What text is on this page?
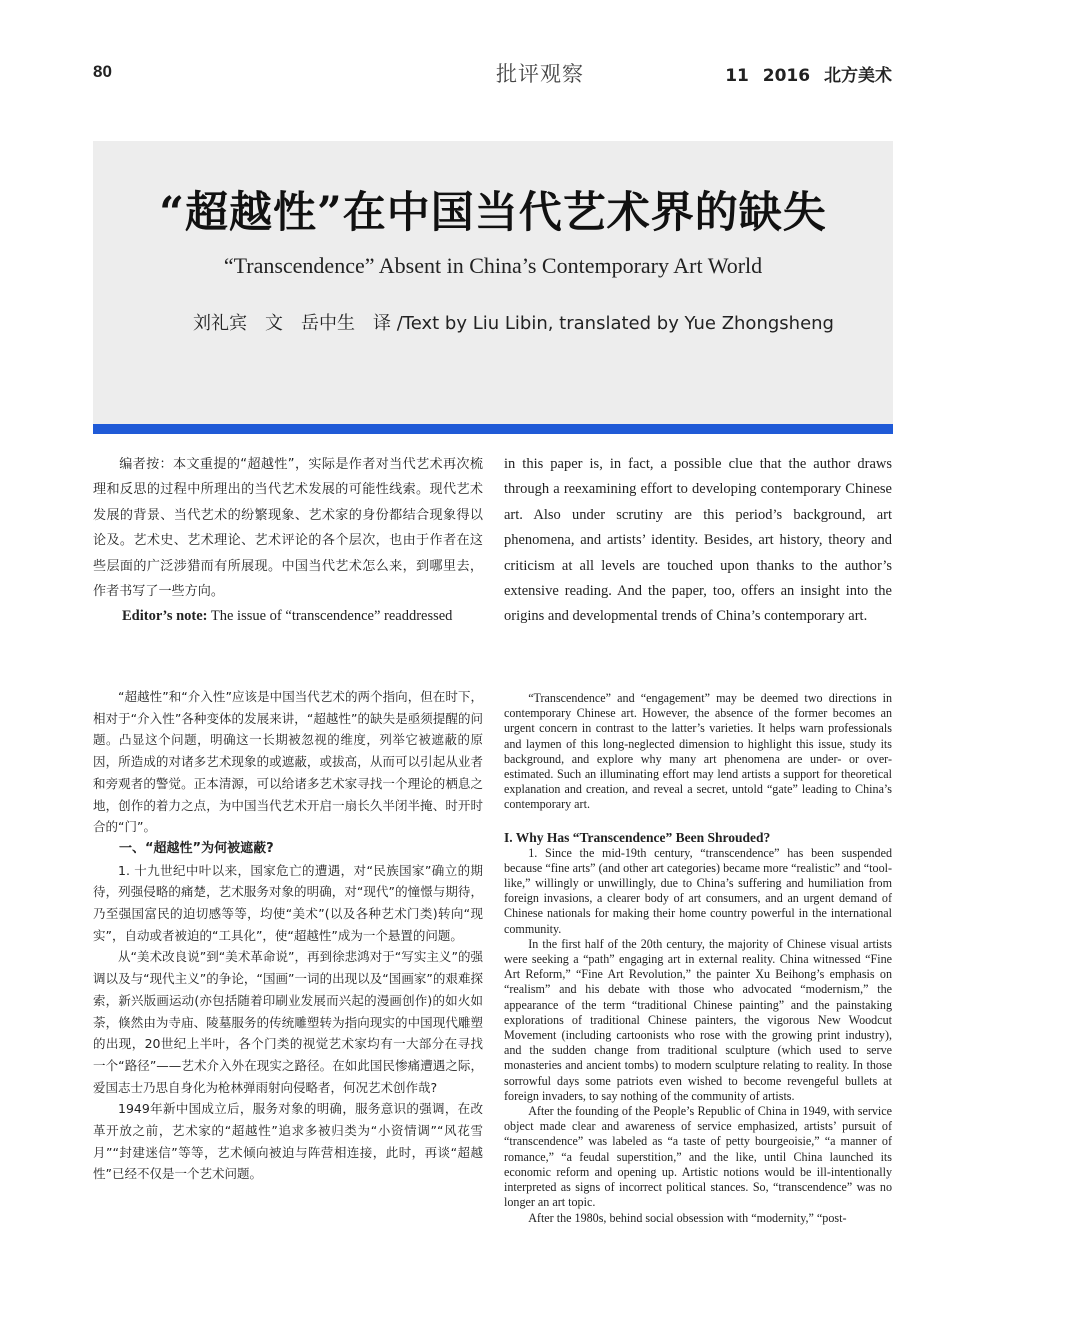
80	批评观察	11 2016 北方美术
“超越性”在中国当代艺术界的缺失
“Transcendence” Absent in China’s Contemporary Art World
刘礼宾　文　岳中生　译 /Text by Liu Libin, translated by Yue Zhongsheng
编者按：本文重提的“超越性”，实际是作者对当代艺术再次梳理和反思的过程中所理出的当代艺术发展的可能性线索。现代艺术发展的背景、当代艺术的纷繁现象、艺术家的身份都结合现象得以论及。艺术史、艺术理论、艺术评论的各个层次，也由于作者在这些层面的广泛涉猎而有所展现。中国当代艺术怎么来，到哪里去，作者书写了一些方向。
Editor’s note: The issue of “transcendence” readdressed
in this paper is, in fact, a possible clue that the author draws through a reexamining effort to developing contemporary Chinese art. Also under scrutiny are this period’s background, art phenomena, and artists’ identity. Besides, art history, theory and criticism at all levels are touched upon thanks to the author’s extensive reading. And the paper, too, offers an insight into the origins and developmental trends of China’s contemporary art.

“超越性”和“介入性”应该是中国当代艺术的两个指向，但在时下，相对于“介入性”各种变体的发展来讲，“超越性”的缺失是亟须提醒的问题。凸显这个问题，明确这一长期被忽视的维度，列举它被遮蔽的原因，所造成的对诸多艺术现象的或遮蔽，或拔高，从而可以引起从业者和旁观者的警觉。正本清源，可以给诸多艺术家寻找一个理论的栖息之地，创作的着力之点，为中国当代艺术开启一扇长久半闭半掩、时开时合的“门”。

一、“超越性”为何被遮蔽?

1. 十九世纪中叶以来，国家危亡的遭遇，对“民族国家”确立的期待，列强侵略的痛楚，艺术服务对象的明确，对“现代”的憧憬与期待，乃至强国富民的迫切感等等，均使“美术”(以及各种艺术门类)转向“现实”，自动或者被迫的“工具化”，使“超越性”成为一个悬置的问题。

从“美术改良说”到“美术革命说”，再到徐悲鸿对于“写实主义”的强调以及与“现代主义”的争论，“国画”一词的出现以及“国画家”的艰难探索，新兴版画运动(亦包括随着印刷业发展而兴起的漫画创作)的如火如荼，倏然由为寺庙、陵墓服务的传统雕塑转为指向现实的中国现代雕塑的出现，20世纪上半叶，各个门类的视觉艺术家均有一大部分在寻找一个“路径”——艺术介入外在现实之路径。在如此国民惨痛遭遇之际，爱国志士乃思自身化为枪林弹雨射向侵略者，何况艺术创作哉?

1949年新中国成立后，服务对象的明确，服务意识的强调，在改革开放之前，艺术家的“超越性”追求多被归类为“小资情调”“风花雪月”“封建迷信”等等，艺术倾向被迫与阵营相连接，此时，再谈“超越性”已经不仅是一个艺术问题。

“Transcendence” and “engagement” may be deemed two directions in contemporary Chinese art. However, the absence of the former becomes an urgent concern in contrast to the latter’s varieties. It helps warn professionals and laymen of this long-neglected dimension to highlight this issue, study its background, and explore why many art phenomena are under- or over-estimated. Such an illuminating effort may lend artists a support for theoretical explanation and creation, and reveal a secret, untold “gate” leading to China’s contemporary art.

I. Why Has “Transcendence” Been Shrouded?

1. Since the mid-19th century, “transcendence” has been suspended because “fine arts” (and other art categories) became more “realistic” and “tool-like,” willingly or unwillingly, due to China’s suffering and humiliation from foreign invasions, a clearer body of art consumers, and an urgent demand of Chinese nationals for making their home country powerful in the international community.

In the first half of the 20th century, the majority of Chinese visual artists were seeking a “path” engaging art in external reality. China witnessed “Fine Art Reform,” “Fine Art Revolution,” the painter Xu Beihong’s emphasis on “realism” and his debate with those who advocated “modernism,” the appearance of the term “traditional Chinese painting” and the painstaking explorations of traditional Chinese painters, the vigorous New Woodcut Movement (including cartoonists who rose with the growing print industry), and the sudden change from traditional sculpture (which used to serve monasteries and ancient tombs) to modern sculpture relating to reality. In those sorrowful days some patriots even wished to become revengeful bullets at foreign invaders, to say nothing of the community of artists.

After the founding of the People’s Republic of China in 1949, with service object made clear and awareness of service emphasized, artists’ pursuit of “transcendence” was labeled as “a taste of petty bourgeoisie,” “a manner of romance,” “a feudal superstition,” and the like, until China launched its economic reform and opening up. Artistic notions would be ill-intentionally interpreted as signs of incorrect political stances. So, “transcendence” was no longer an art topic.

After the 1980s, behind social obsession with “modernity,” “post-
